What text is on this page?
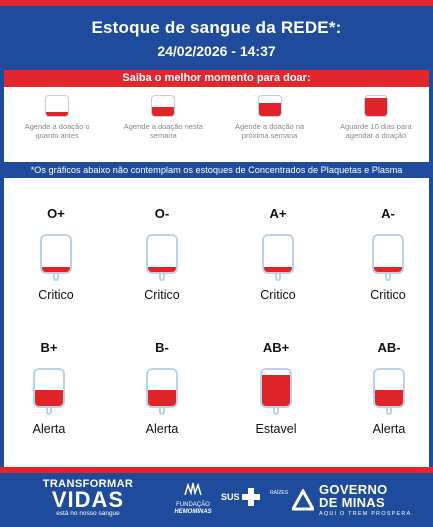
Estoque de sangue da REDE*:
24/02/2026 - 14:37
Saiba o melhor momento para doar:
Agende a doação o quanto antes
Agende a doação nesta semana
Agende a doação na próxima semana
Aguarde 10 dias para agendar a doação
*Os gráficos abaixo não contemplam os estoques de Concentrados de Plaquetas e Plasma
O+
Critico
O-
Critico
A+
Critico
A-
Critico
B+
Alerta
B-
Alerta
AB+
Estavel
AB-
Alerta
TRANSFORMAR
VIDAS
está no nosso sangue
FUNDAÇÃO
HEMOMINAS
SUS	RAÍZES GOVERNO
DE MINAS
AQUI O TREM PROSPERA.
